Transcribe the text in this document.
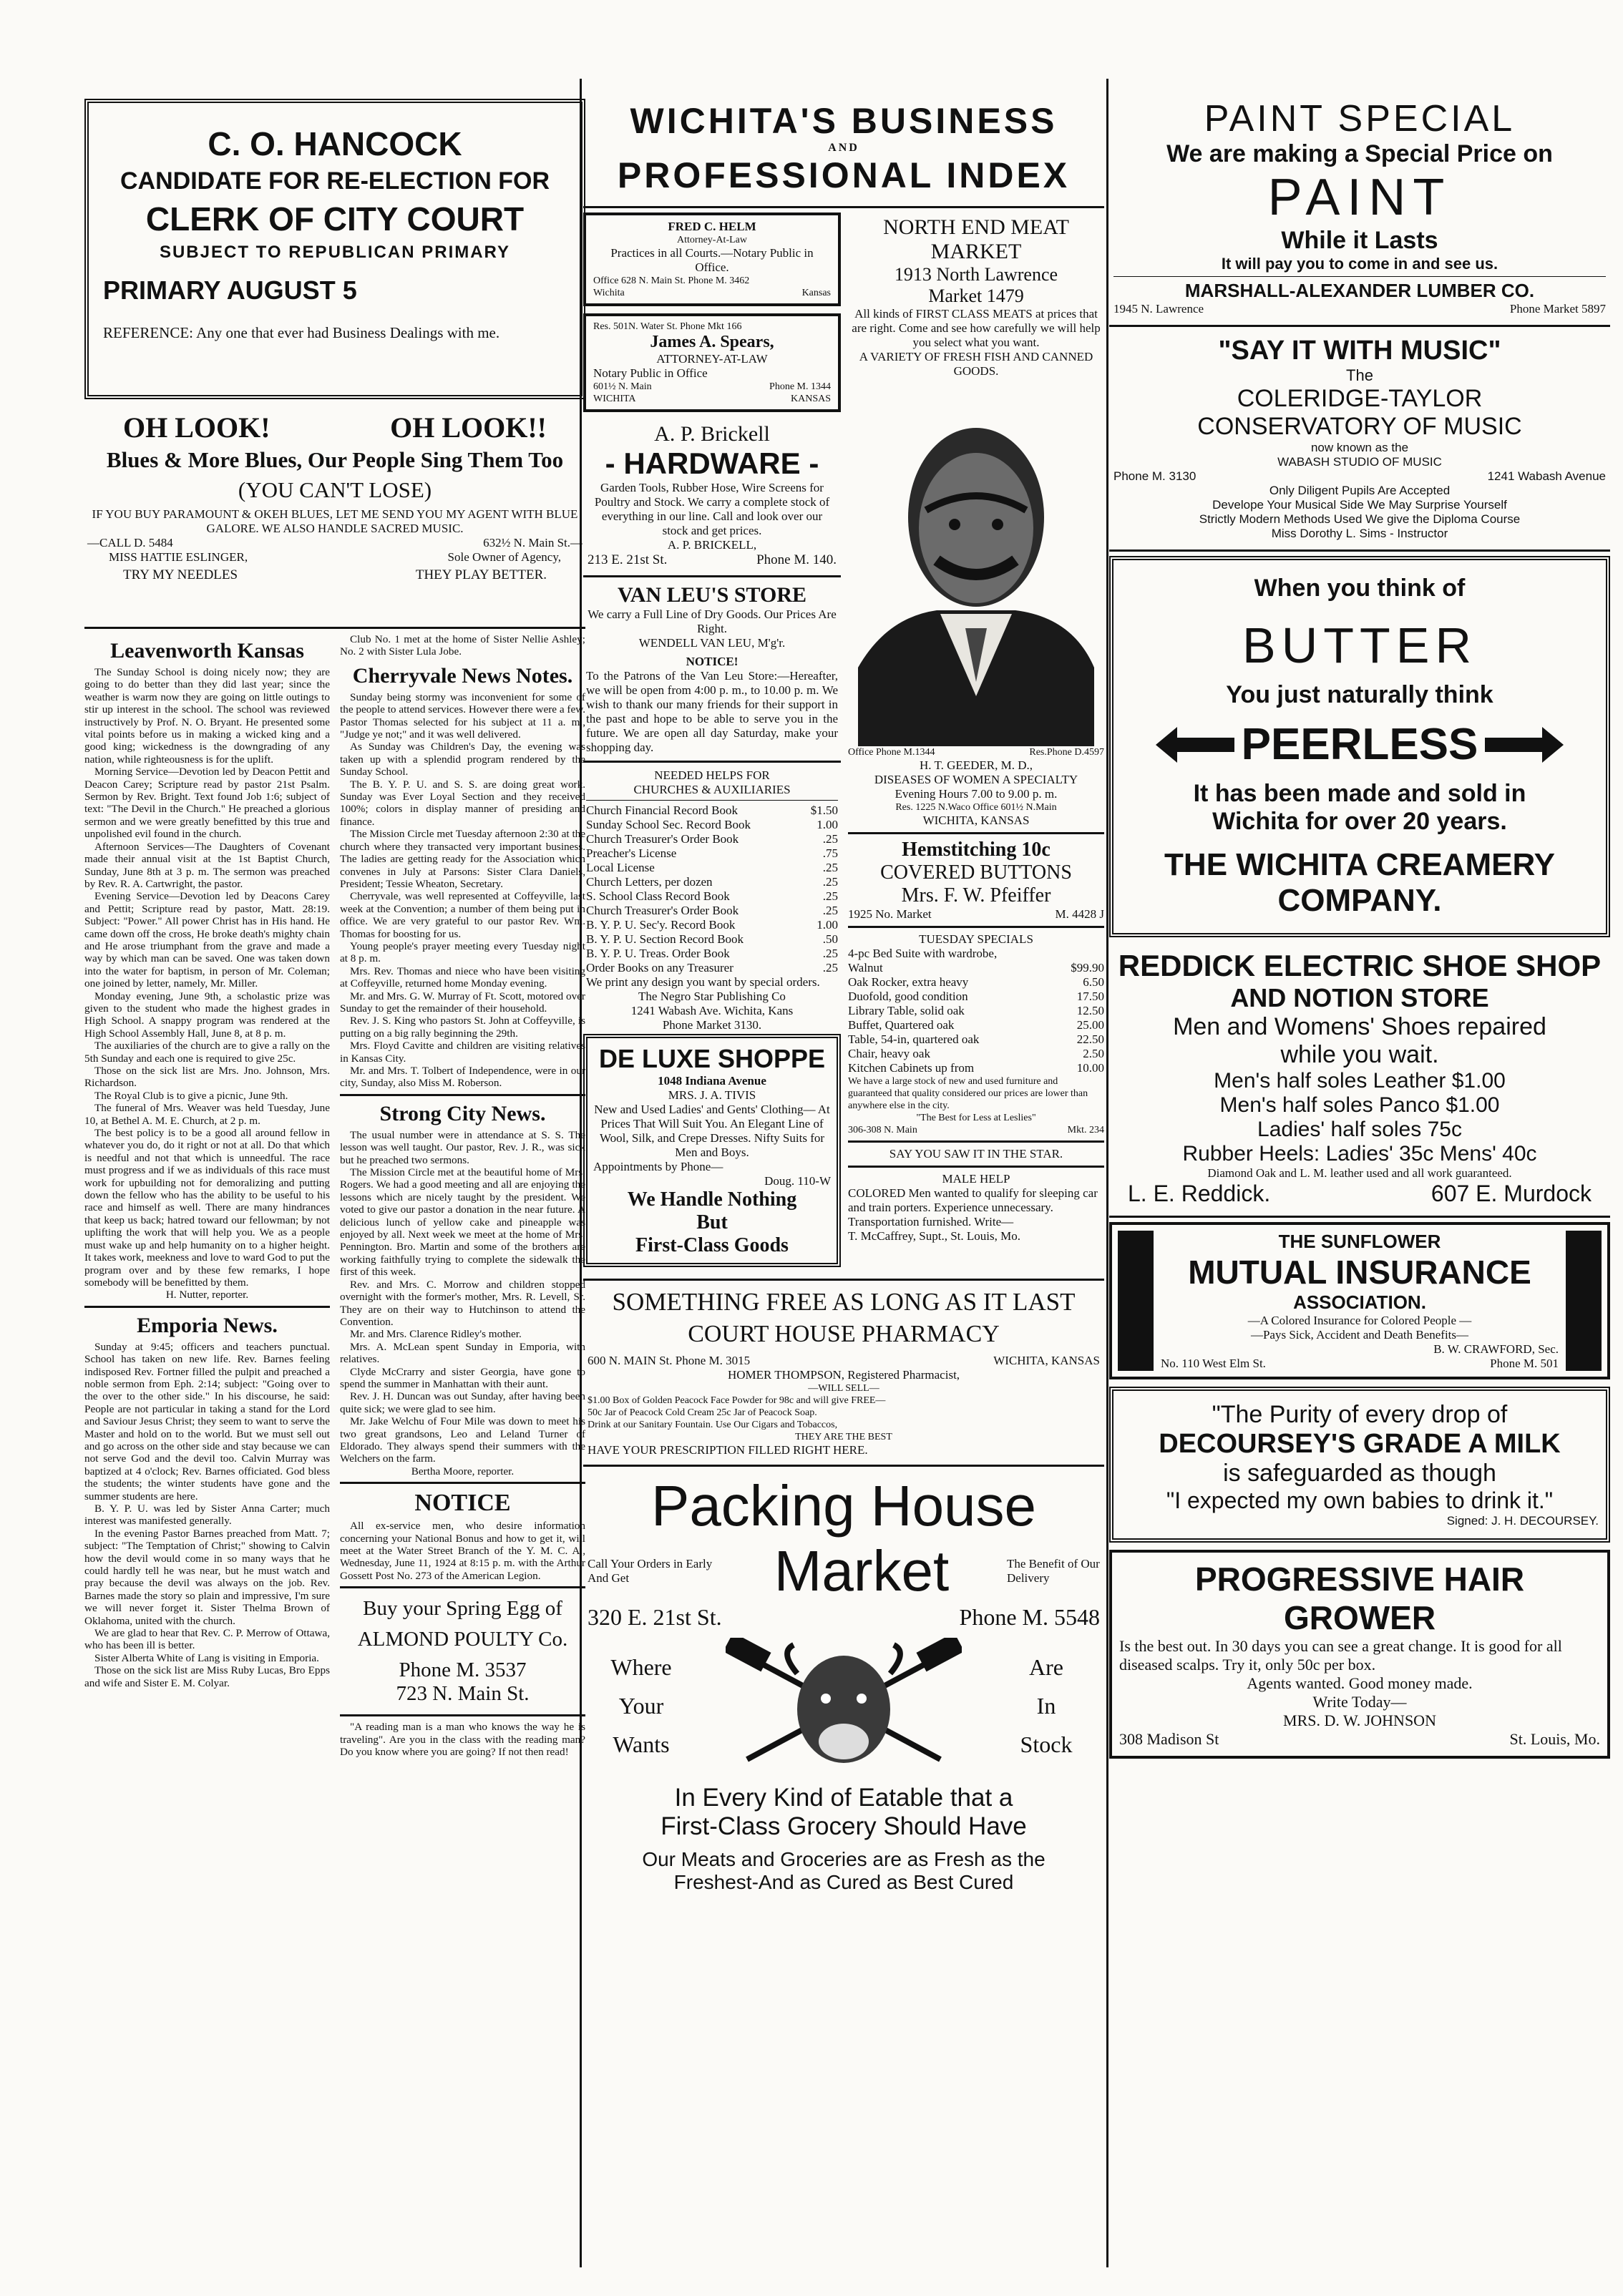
C. O. HANCOCK
CANDIDATE FOR RE-ELECTION FOR
CLERK OF CITY COURT
SUBJECT TO REPUBLICAN PRIMARY
PRIMARY AUGUST 5
REFERENCE: Any one that ever had Business Dealings with me.
OH LOOK!	OH LOOK!!
Blues & More Blues, Our People Sing Them Too
(YOU CAN'T LOSE)
IF YOU BUY PARAMOUNT & OKEH BLUES, LET ME SEND YOU MY AGENT WITH BLUE GALORE. WE ALSO HANDLE SACRED MUSIC.
—CALL D. 5484	632½ N. Main St.—
MISS HATTIE ESLINGER,	Sole Owner of Agency,
TRY MY NEEDLES	THEY PLAY BETTER.
Leavenworth Kansas

The Sunday School is doing nicely now; they are going to do better than they did last year; since the weather is warm now they are going on little outings to stir up interest in the school. The school was reviewed instructively by Prof. N. O. Bryant. He presented some vital points before us in making a wicked king and a good king; wickedness is the downgrading of any nation, while righteousness is for the uplift.

Morning Service—Devotion led by Deacon Pettit and Deacon Carey; Scripture read by pastor 21st Psalm. Sermon by Rev. Bright. Text found Job 1:6; subject of text: "The Devil in the Church." He preached a glorious sermon and we were greatly benefitted by this true and unpolished evil found in the church.

Afternoon Services—The Daughters of Covenant made their annual visit at the 1st Baptist Church, Sunday, June 8th at 3 p. m. The sermon was preached by Rev. R. A. Cartwright, the pastor.

Evening Service—Devotion led by Deacons Carey and Pettit; Scripture read by pastor, Matt. 28:19. Subject: "Power." All power Christ has in His hand. He came down off the cross, He broke death's mighty chain and He arose triumphant from the grave and made a way by which man can be saved. One was taken down into the water for baptism, in person of Mr. Coleman; one joined by letter, namely, Mr. Miller.

Monday evening, June 9th, a scholastic prize was given to the student who made the highest grades in High School. A snappy program was rendered at the High School Assembly Hall, June 8, at 8 p. m.

The auxiliaries of the church are to give a rally on the 5th Sunday and each one is required to give 25c.

Those on the sick list are Mrs. Jno. Johnson, Mrs. Richardson.

The Royal Club is to give a picnic, June 9th.

The funeral of Mrs. Weaver was held Tuesday, June 10, at Bethel A. M. E. Church, at 2 p. m.

The best policy is to be a good all around fellow in whatever you do, do it right or not at all. Do that which is needful and not that which is unneedful. The race must progress and if we as individuals of this race must work for upbuilding not for demoralizing and putting down the fellow who has the ability to be useful to his race and himself as well. There are many hindrances that keep us back; hatred toward our fellowman; by not uplifting the work that will help you. We as a people must wake up and help humanity on to a higher height. It takes work, meekness and love to ward God to put the program over and by these few remarks, I hope somebody will be benefitted by them.

H. Nutter, reporter.
Emporia News.

Sunday at 9:45; officers and teachers punctual. School has taken on new life. Rev. Barnes feeling indisposed Rev. Fortner filled the pulpit and preached a noble sermon from Eph. 2:14; subject: "Going over to the over to the other side." In his discourse, he said: People are not particular in taking a stand for the Lord and Saviour Jesus Christ; they seem to want to serve the Master and hold on to the world. But we must sell out and go across on the other side and stay because we can not serve God and the devil too. Calvin Murray was baptized at 4 o'clock; Rev. Barnes officiated. God bless the students; the winter students have gone and the summer students are here.

B. Y. P. U. was led by Sister Anna Carter; much interest was manifested generally.

In the evening Pastor Barnes preached from Matt. 7; subject: "The Temptation of Christ;" showing to Calvin how the devil would come in so many ways that he could hardly tell he was near, but he must watch and pray because the devil was always on the job. Rev. Barnes made the story so plain and impressive, I'm sure we will never forget it. Sister Thelma Brown of Oklahoma, united with the church.

We are glad to hear that Rev. C. P. Merrow of Ottawa, who has been ill is better.

Sister Alberta White of Lang is visiting in Emporia.

Those on the sick list are Miss Ruby Lucas, Bro Epps and wife and Sister E. M. Colyar.

Club No. 1 met at the home of Sister Nellie Ashley; No. 2 with Sister Lula Jobe.

Cherryvale News Notes.

Sunday being stormy was inconvenient for some of the people to attend services. However there were a few. Pastor Thomas selected for his subject at 11 a. m., "Judge ye not;" and it was well delivered.

As Sunday was Children's Day, the evening was taken up with a splendid program rendered by the Sunday School.

The B. Y. P. U. and S. S. are doing great work. Sunday was Ever Loyal Section and they received 100%; colors in display manner of presiding and finance.

The Mission Circle met Tuesday afternoon 2:30 at the church where they transacted very important business. The ladies are getting ready for the Association which convenes in July at Parsons: Sister Clara Daniels, President; Tessie Wheaton, Secretary.

Cherryvale, was well represented at Coffeyville, last week at the Convention; a number of them being put in office. We are very grateful to our pastor Rev. Wm. Thomas for boosting for us.

Young people's prayer meeting every Tuesday night at 8 p. m.

Mrs. Rev. Thomas and niece who have been visiting at Coffeyville, returned home Monday evening.

Mr. and Mrs. G. W. Murray of Ft. Scott, motored over Sunday to get the remainder of their household.

Rev. J. S. King who pastors St. John at Coffeyville, is putting on a big rally beginning the 29th.

Mrs. Floyd Cavitte and children are visiting relatives in Kansas City.

Mr. and Mrs. T. Tolbert of Independence, were in our city, Sunday, also Miss M. Roberson.

Strong City News.

The usual number were in attendance at S. S. The lesson was well taught. Our pastor, Rev. J. R., was sick but he preached two sermons.

The Mission Circle met at the beautiful home of Mrs. Rogers. We had a good meeting and all are enjoying the lessons which are nicely taught by the president. We voted to give our pastor a donation in the near future. A delicious lunch of yellow cake and pineapple was enjoyed by all. Next week we meet at the home of Mrs. Pennington. Bro. Martin and some of the brothers are working faithfully trying to complete the sidewalk the first of this week.

Rev. and Mrs. C. Morrow and children stopped overnight with the former's mother, Mrs. R. Levell, Sr. They are on their way to Hutchinson to attend the Convention.

Mr. and Mrs. Clarence Ridley's mother.

Mrs. A. McLean spent Sunday in Emporia, with relatives.

Clyde McCrarry and sister Georgia, have gone to spend the summer in Manhattan with their aunt.

Rev. J. H. Duncan was out Sunday, after having been quite sick; we were glad to see him.

Mr. Jake Welchu of Four Mile was down to meet his two great grandsons, Leo and Leland Turner of Eldorado. They always spend their summers with the Welchers on the farm.

Bertha Moore, reporter.
NOTICE

All ex-service men, who desire information concerning your National Bonus and how to get it, will meet at the Water Street Branch of the Y. M. C. A., Wednesday, June 11, 1924 at 8:15 p. m. with the Arthur Gossett Post No. 273 of the American Legion.

Buy your Spring Egg of
ALMOND POULTY Co.
Phone M. 3537
723 N. Main St.

"A reading man is a man who knows the way he is traveling". Are you in the class with the reading man? Do you know where you are going? If not then read!

WICHITA'S BUSINESS
AND
PROFESSIONAL INDEX
FRED C. HELM
Attorney-At-Law
Practices in all Courts.—Notary Public in Office.
Office 628 N. Main St. Phone M. 3462
Wichita	Kansas
Res. 501N. Water St. Phone Mkt 166
James A. Spears,
ATTORNEY-AT-LAW
Notary Public in Office
601½ N. Main	Phone M. 1344
WICHITA	KANSAS
A. P. Brickell
- HARDWARE -
Garden Tools, Rubber Hose, Wire Screens for Poultry and Stock. We carry a complete stock of everything in our line. Call and look over our stock and get prices.
A. P. BRICKELL,
213 E. 21st St.	Phone M. 140.
VAN LEU'S STORE
We carry a Full Line of Dry Goods. Our Prices Are Right.
WENDELL VAN LEU, M'g'r.
NOTICE!
To the Patrons of the Van Leu Store:—Hereafter, we will be open from 4:00 p. m., to 10.00 p. m. We wish to thank our many friends for their support in the past and hope to be able to serve you in the future. We are open all day Saturday, make your shopping day.
NEEDED HELPS FOR
CHURCHES & AUXILIARIES
Church Financial Record Book	$1.50
Sunday School Sec. Record Book	1.00
Church Treasurer's Order Book	.25
Preacher's License	.75
Local License	.25
Church Letters, per dozen	.25
S. School Class Record Book	.25
Church Treasurer's Order Book	.25
B. Y. P. U. Sec'y. Record Book	1.00
B. Y. P. U. Section Record Book	.50
B. Y. P. U. Treas. Order Book	.25
Order Books on any Treasurer	.25
We print any design you want by special orders.
The Negro Star Publishing Co
1241 Wabash Ave. Wichita, Kans
Phone Market 3130.
DE LUXE SHOPPE
1048 Indiana Avenue
MRS. J. A. TIVIS
New and Used Ladies' and Gents' Clothing— At Prices That Will Suit You. An Elegant Line of Wool, Silk, and Crepe Dresses. Nifty Suits for Men and Boys.
Appointments by Phone—
Doug. 110-W
We Handle Nothing
But
First-Class Goods
NORTH END MEAT
MARKET
1913 North Lawrence
Market 1479
All kinds of FIRST CLASS MEATS at prices that are right. Come and see how carefully we will help you select what you want.
A VARIETY OF FRESH FISH AND CANNED GOODS.
Office Phone M.1344	Res.Phone D.4597
H. T. GEEDER, M. D.,
DISEASES OF WOMEN A SPECIALTY
Evening Hours 7.00 to 9.00 p. m.
Res. 1225 N.Waco Office 601½ N.Main
WICHITA, KANSAS
Hemstitching 10c
COVERED BUTTONS
Mrs. F. W. Pfeiffer
1925 No. Market	M. 4428 J
TUESDAY SPECIALS
4-pc Bed Suite with wardrobe,
Walnut	$99.90
Oak Rocker, extra heavy	6.50
Duofold, good condition	17.50
Library Table, solid oak	12.50
Buffet, Quartered oak	25.00
Table, 54-in, quartered oak	22.50
Chair, heavy oak	2.50
Kitchen Cabinets up from	10.00
We have a large stock of new and used furniture and guaranteed that quality considered our prices are lower than anywhere else in the city.
"The Best for Less at Leslies"
306-308 N. Main	Mkt. 234
SAY YOU SAW IT IN THE STAR.
MALE HELP
COLORED Men wanted to qualify for sleeping car and train porters. Experience unnecessary. Transportation furnished. Write—
T. McCaffrey, Supt., St. Louis, Mo.
SOMETHING FREE AS LONG AS IT LAST
COURT HOUSE PHARMACY
600 N. MAIN St. Phone M. 3015	WICHITA, KANSAS
HOMER THOMPSON, Registered Pharmacist,
—WILL SELL—
$1.00 Box of Golden Peacock Face Powder for 98c and will give FREE—
50c Jar of Peacock Cold Cream 25c Jar of Peacock Soap.
Drink at our Sanitary Fountain. Use Our Cigars and Tobaccos,
THEY ARE THE BEST
HAVE YOUR PRESCRIPTION FILLED RIGHT HERE.
Packing House
Call Your Orders in Early And Get	Market	The Benefit of Our Delivery
320 E. 21st St.	Phone M. 5548
Where
Your
Wants
Are
In
Stock
In Every Kind of Eatable that a
First-Class Grocery Should Have
Our Meats and Groceries are as Fresh as the
Freshest-And as Cured as Best Cured
PAINT SPECIAL
We are making a Special Price on
PAINT
While it Lasts
It will pay you to come in and see us.
MARSHALL-ALEXANDER LUMBER CO.
1945 N. Lawrence	Phone Market 5897
"SAY IT WITH MUSIC"
The
COLERIDGE-TAYLOR
CONSERVATORY OF MUSIC
now known as the
WABASH STUDIO OF MUSIC
Phone M. 3130	1241 Wabash Avenue
Only Diligent Pupils Are Accepted
Develope Your Musical Side We May Surprise Yourself
Strictly Modern Methods Used We give the Diploma Course
Miss Dorothy L. Sims - Instructor
When you think of
BUTTER
You just naturally think
PEERLESS
It has been made and sold in
Wichita for over 20 years.
THE WICHITA CREAMERY
COMPANY.
REDDICK ELECTRIC SHOE SHOP
AND NOTION STORE
Men and Womens' Shoes repaired
while you wait.
Men's half soles Leather $1.00
Men's half soles Panco $1.00
Ladies' half soles 75c
Rubber Heels: Ladies' 35c Mens' 40c
Diamond Oak and L. M. leather used and all work guaranteed.
L. E. Reddick.	607 E. Murdock
THE SUNFLOWER
MUTUAL INSURANCE
ASSOCIATION.
—A Colored Insurance for Colored People —
—Pays Sick, Accident and Death Benefits—
B. W. CRAWFORD, Sec.
No. 110 West Elm St.	Phone M. 501
"The Purity of every drop of
DECOURSEY'S GRADE A MILK
is safeguarded as though
"I expected my own babies to drink it."
Signed: J. H. DECOURSEY.
PROGRESSIVE HAIR GROWER
Is the best out. In 30 days you can see a great change. It is good for all diseased scalps. Try it, only 50c per box.
Agents wanted. Good money made.
Write Today—
MRS. D. W. JOHNSON
308 Madison St	St. Louis, Mo.
